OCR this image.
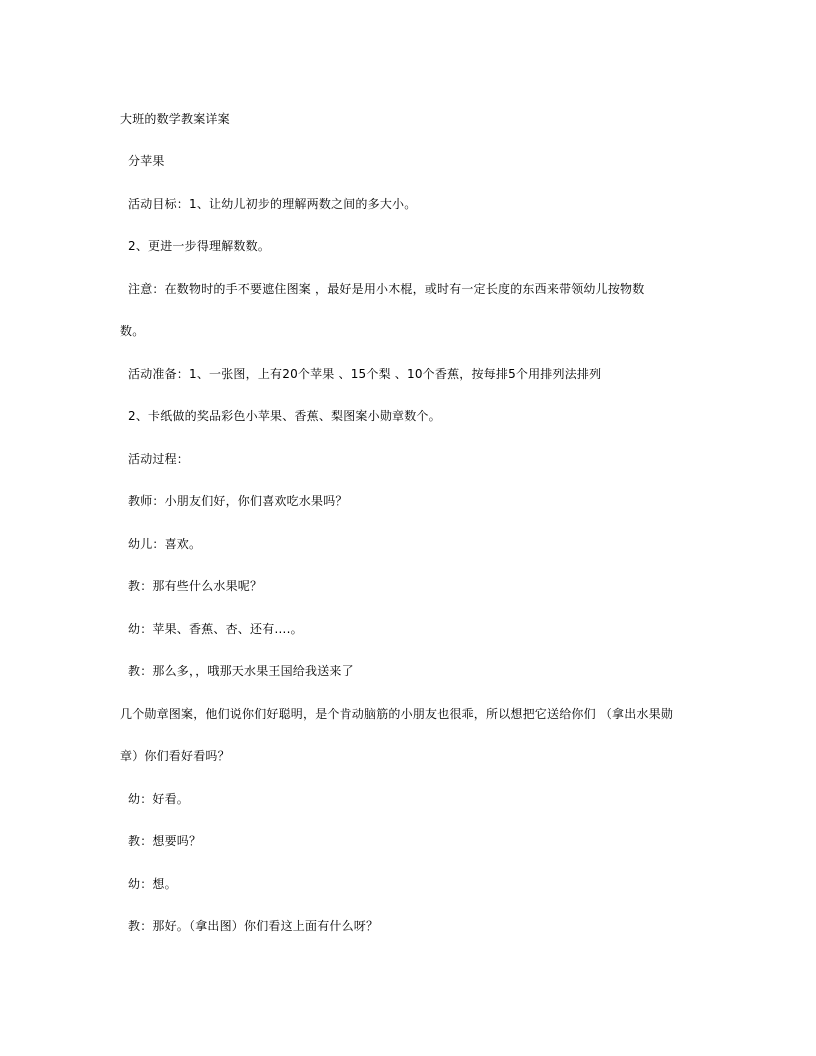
大班的数学教案详案
分苹果
活动目标：1、让幼儿初步的理解两数之间的多大小。
2、更进一步得理解数数。
注意：在数物时的手不要遮住图案 ，最好是用小木棍，或时有一定长度的东西来带领幼儿按物数
数。
活动准备：1、一张图，上有20个苹果 、15个梨 、10个香蕉，按每排5个用排列法排列
2、卡纸做的奖品彩色小苹果、香蕉、梨图案小勋章数个。
活动过程：
教师：小朋友们好，你们喜欢吃水果吗？
幼儿：喜欢。
教：那有些什么水果呢？
幼：苹果、香蕉、杏、还有….。
教：那么多，，哦那天水果王国给我送来了
几个勋章图案，他们说你们好聪明，是个肯动脑筋的小朋友也很乖，所以想把它送给你们 （拿出水果勋
章）你们看好看吗？
幼：好看。
教：想要吗？
幼：想。
教：那好。（拿出图）你们看这上面有什么呀？
